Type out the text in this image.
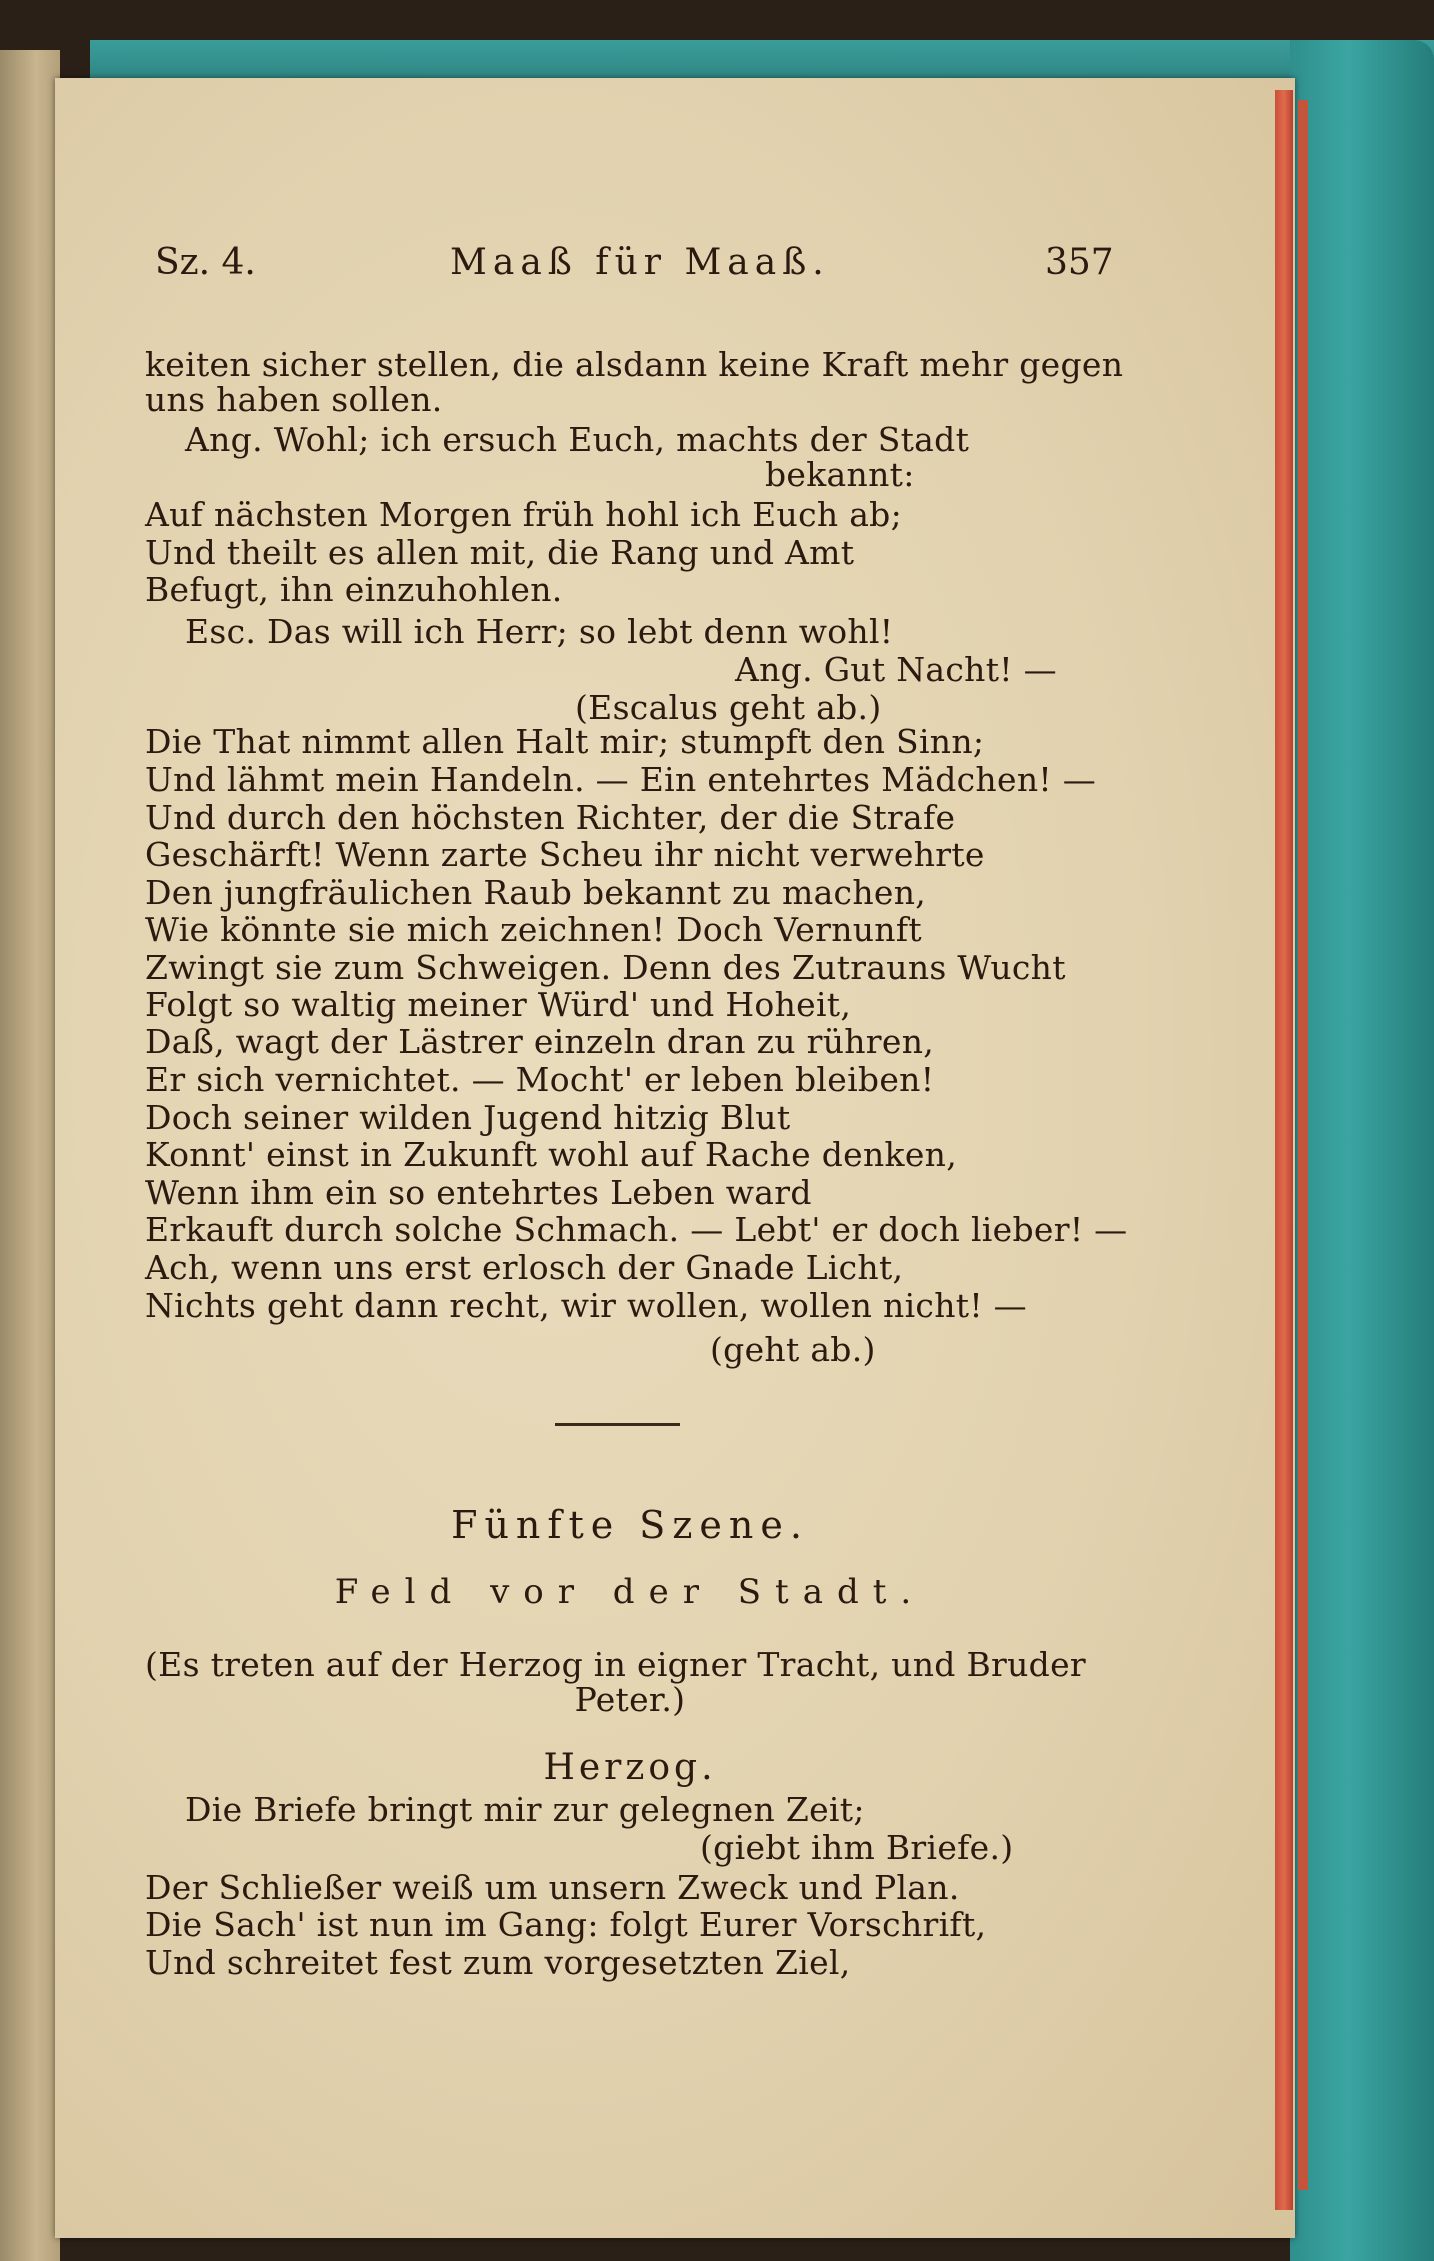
Sz. 4.	Maaß für Maaß.	357
keiten sicher stellen, die alsdann keine Kraft mehr gegen
uns haben sollen.
Ang. Wohl; ich ersuch Euch, machts der Stadt
bekannt:
Auf nächsten Morgen früh hohl ich Euch ab;
Und theilt es allen mit, die Rang und Amt
Befugt, ihn einzuhohlen.
Esc. Das will ich Herr; so lebt denn wohl!
Ang. Gut Nacht! —
(Escalus geht ab.)
Die That nimmt allen Halt mir; stumpft den Sinn;
Und lähmt mein Handeln. — Ein entehrtes Mädchen! —
Und durch den höchsten Richter, der die Strafe
Geschärft! Wenn zarte Scheu ihr nicht verwehrte
Den jungfräulichen Raub bekannt zu machen,
Wie könnte sie mich zeichnen! Doch Vernunft
Zwingt sie zum Schweigen. Denn des Zutrauns Wucht
Folgt so waltig meiner Würd' und Hoheit,
Daß, wagt der Lästrer einzeln dran zu rühren,
Er sich vernichtet. — Mocht' er leben bleiben!
Doch seiner wilden Jugend hitzig Blut
Konnt' einst in Zukunft wohl auf Rache denken,
Wenn ihm ein so entehrtes Leben ward
Erkauft durch solche Schmach. — Lebt' er doch lieber! —
Ach, wenn uns erst erlosch der Gnade Licht,
Nichts geht dann recht, wir wollen, wollen nicht! —
(geht ab.)
Fünfte Szene.
Feld vor der Stadt.
(Es treten auf der Herzog in eigner Tracht, und Bruder
Peter.)
Herzog.
Die Briefe bringt mir zur gelegnen Zeit;
(giebt ihm Briefe.)
Der Schließer weiß um unsern Zweck und Plan.
Die Sach' ist nun im Gang: folgt Eurer Vorschrift,
Und schreitet fest zum vorgesetzten Ziel,
